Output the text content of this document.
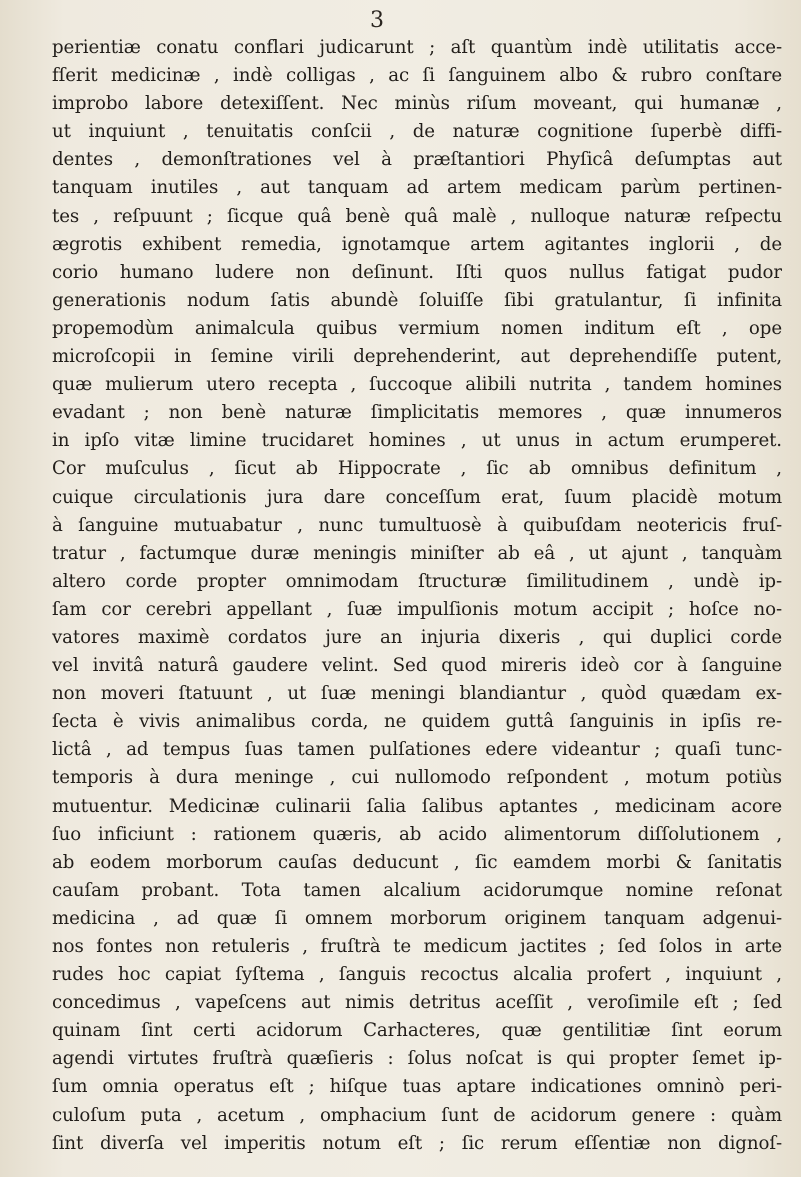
3
perientiæ conatu conflari judicarunt ; aſt quantùm indè utilitatis acce-
fſerit medicinæ , indè colligas , ac ſi ſanguinem albo & rubro conſtare
improbo labore detexiſſent. Nec minùs riſum moveant, qui humanæ ,
ut inquiunt , tenuitatis conſcii , de naturæ cognitione ſuperbè diffi-
dentes , demonſtrationes vel à præſtantiori Phyſicâ deſumptas aut
tanquam inutiles , aut tanquam ad artem medicam parùm pertinen-
tes , reſpuunt ; ſicque quâ benè quâ malè , nulloque naturæ reſpectu
ægrotis exhibent remedia, ignotamque artem agitantes inglorii , de
corio humano ludere non deſinunt. Iſti quos nullus fatigat pudor
generationis nodum ſatis abundè ſoluiſſe ſibi gratulantur, ſi infinita
propemodùm animalcula quibus vermium nomen inditum eſt , ope
microſcopii in ſemine virili deprehenderint, aut deprehendiſſe putent,
quæ mulierum utero recepta , ſuccoque alibili nutrita , tandem homines
evadant ; non benè naturæ ſimplicitatis memores , quæ innumeros
in ipſo vitæ limine trucidaret homines , ut unus in actum erumperet.
Cor muſculus , ſicut ab Hippocrate , ſic ab omnibus definitum ,
cuique circulationis jura dare conceſſum erat, ſuum placidè motum
à ſanguine mutuabatur , nunc tumultuosè à quibuſdam neotericis fruſ-
tratur , factumque duræ meningis miniſter ab eâ , ut ajunt , tanquàm
altero corde propter omnimodam ſtructuræ ſimilitudinem , undè ip-
ſam cor cerebri appellant , ſuæ impulſionis motum accipit ; hoſce no-
vatores maximè cordatos jure an injuria dixeris , qui duplici corde
vel invitâ naturâ gaudere velint. Sed quod mireris ideò cor à ſanguine
non moveri ſtatuunt , ut ſuæ meningi blandiantur , quòd quædam ex-
ſecta è vivis animalibus corda, ne quidem guttâ ſanguinis in ipſis re-
lictâ , ad tempus ſuas tamen pulſationes edere videantur ; quaſi tunc-
temporis à dura meninge , cui nullomodo reſpondent , motum potiùs
mutuentur. Medicinæ culinarii ſalia ſalibus aptantes , medicinam acore
ſuo inficiunt : rationem quæris, ab acido alimentorum diſſolutionem ,
ab eodem morborum cauſas deducunt , ſic eamdem morbi & ſanitatis
cauſam probant. Tota tamen alcalium acidorumque nomine reſonat
medicina , ad quæ ſi omnem morborum originem tanquam adgenui-
nos fontes non retuleris , fruſtrà te medicum jactites ; ſed ſolos in arte
rudes hoc capiat ſyſtema , ſanguis recoctus alcalia profert , inquiunt ,
concedimus , vapeſcens aut nimis detritus aceſſit , veroſimile eſt ; ſed
quinam ſint certi acidorum Carhacteres, quæ gentilitiæ ſint eorum
agendi virtutes fruſtrà quæſieris : ſolus noſcat is qui propter ſemet ip-
ſum omnia operatus eſt ; hiſque tuas aptare indicationes omninò peri-
culoſum puta , acetum , omphacium ſunt de acidorum genere : quàm
ſint diverſa vel imperitis notum eſt ; ſic rerum eſſentiæ non dignoſ-
